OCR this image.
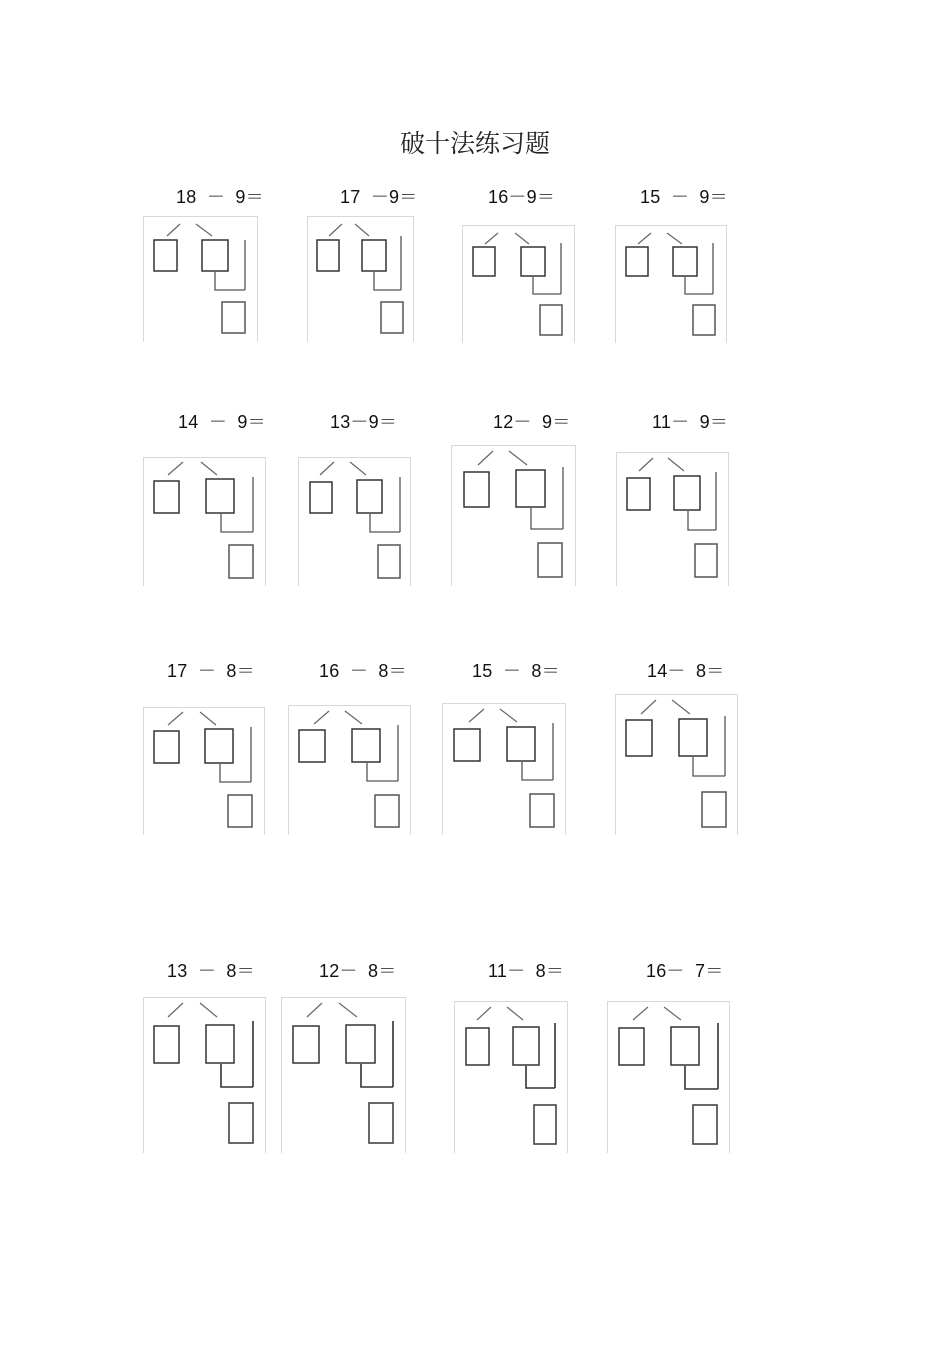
破十法练习题
18  －  9＝	17  －9＝	16－9＝	15  －  9＝
14  －  9＝	13－9＝	12－  9＝	11－  9＝
17  －  8＝	16  －  8＝	15  －  8＝	14－  8＝
13  －  8＝	12－  8＝	11－  8＝	16－  7＝
